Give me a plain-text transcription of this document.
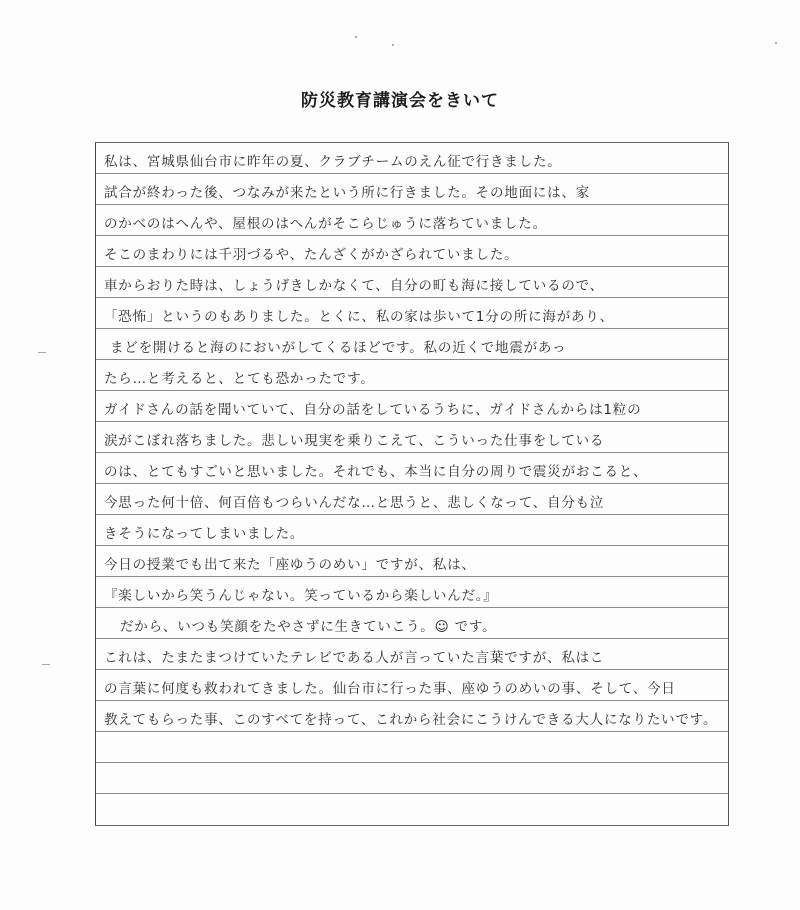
防災教育講演会をきいて
私は、宮城県仙台市に昨年の夏、クラブチームのえん征で行きました。
試合が終わった後、つなみが来たという所に行きました。その地面には、家
のかべのはへんや、屋根のはへんがそこらじゅうに落ちていました。
そこのまわりには千羽づるや、たんざくがかざられていました。
車からおりた時は、しょうげきしかなくて、自分の町も海に接しているので、
「恐怖」というのもありました。とくに、私の家は歩いて1分の所に海があり、
まどを開けると海のにおいがしてくるほどです。私の近くで地震があっ
たら…と考えると、とても恐かったです。
ガイドさんの話を聞いていて、自分の話をしているうちに、ガイドさんからは1粒の
涙がこぼれ落ちました。悲しい現実を乗りこえて、こういった仕事をしている
のは、とてもすごいと思いました。それでも、本当に自分の周りで震災がおこると、
今思った何十倍、何百倍もつらいんだな…と思うと、悲しくなって、自分も泣
きそうになってしまいました。
今日の授業でも出て来た「座ゆうのめい」ですが、私は、
『楽しいから笑うんじゃない。笑っているから楽しいんだ。』
だから、いつも笑顔をたやさずに生きていこう。☺ です。
これは、たまたまつけていたテレビである人が言っていた言葉ですが、私はこ
の言葉に何度も救われてきました。仙台市に行った事、座ゆうのめいの事、そして、今日
教えてもらった事、このすべてを持って、これから社会にこうけんできる大人になりたいです。
